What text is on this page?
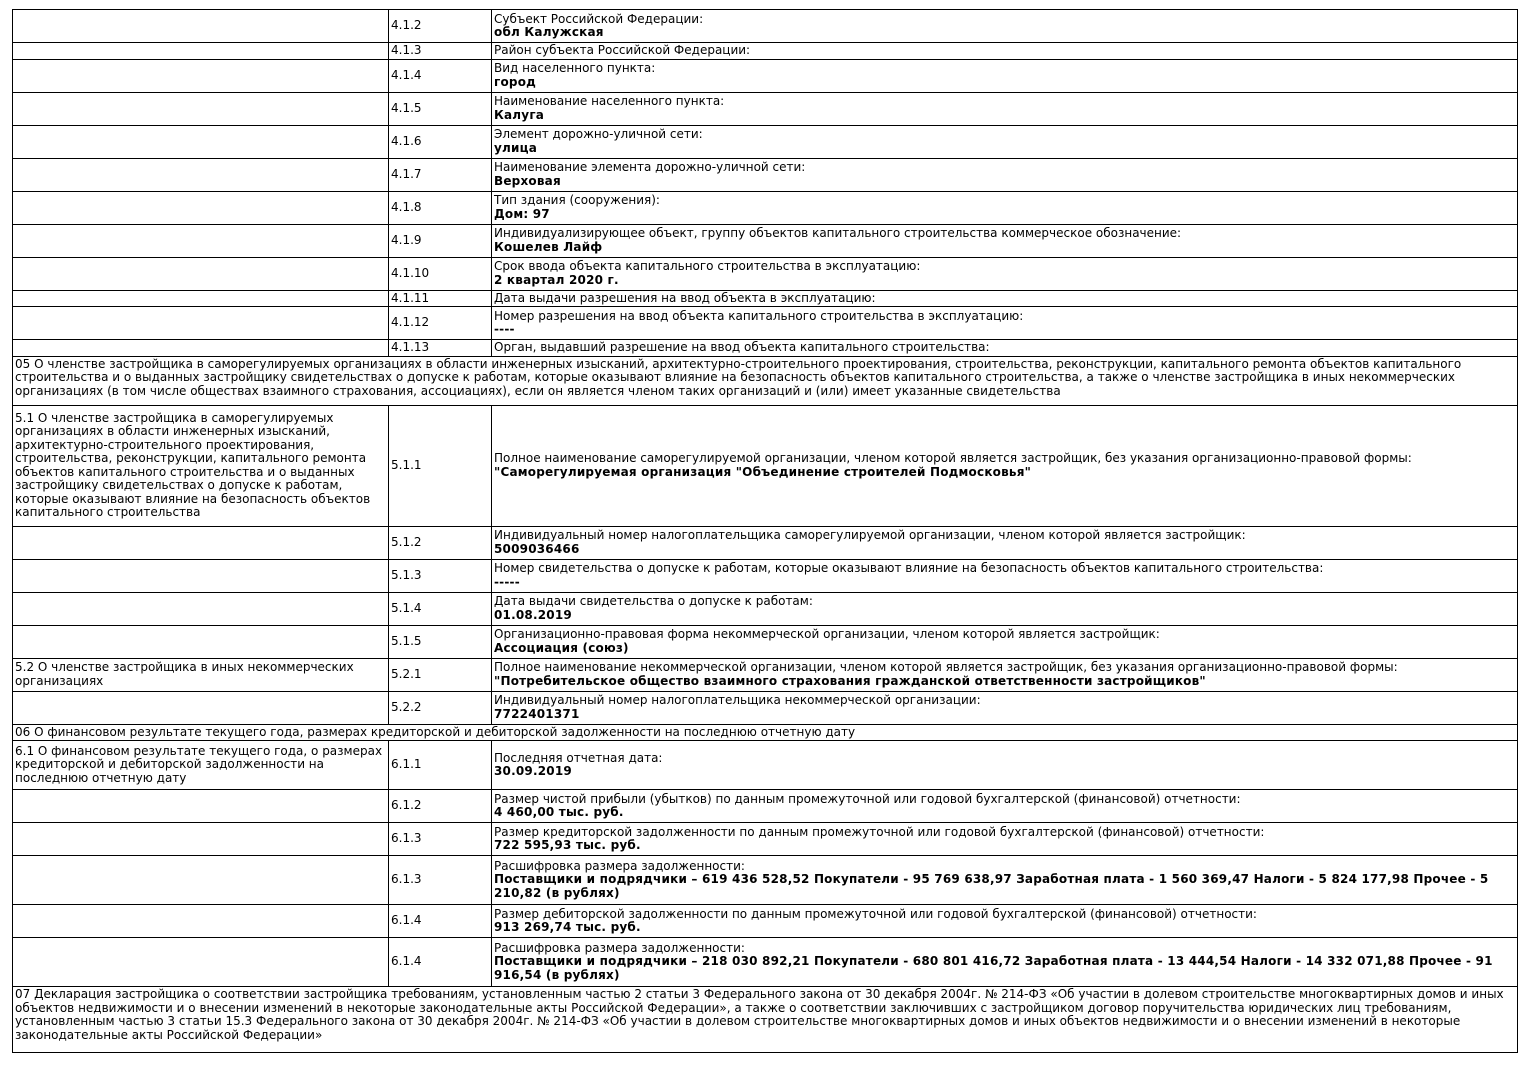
	4.1.2	Субъект Российской Федерации:
обл Калужская

	4.1.3	Район субъекта Российской Федерации:

	4.1.4	Вид населенного пункта:
город

	4.1.5	Наименование населенного пункта:
Калуга

	4.1.6	Элемент дорожно-уличной сети:
улица

	4.1.7	Наименование элемента дорожно-уличной сети:
Верховая

	4.1.8	Тип здания (сооружения):
Дом: 97

	4.1.9	Индивидуализирующее объект, группу объектов капитального строительства коммерческое обозначение:
Кошелев Лайф

	4.1.10	Срок ввода объекта капитального строительства в эксплуатацию:
2 квартал 2020 г.

	4.1.11	Дата выдачи разрешения на ввод объекта в эксплуатацию:

	4.1.12	Номер разрешения на ввод объекта капитального строительства в эксплуатацию:
----

	4.1.13	Орган, выдавший разрешение на ввод объекта капитального строительства:

05 О членстве застройщика в саморегулируемых организациях в области инженерных изысканий, архитектурно-строительного проектирования, строительства, реконструкции, капитального ремонта объектов капитального строительства и о выданных застройщику свидетельствах о допуске к работам, которые оказывают влияние на безопасность объектов капитального строительства, а также о членстве застройщика в иных некоммерческих организациях (в том числе обществах взаимного страхования, ассоциациях), если он является членом таких организаций и (или) имеет указанные свидетельства		
5.1 О членстве застройщика в саморегулируемых организациях в области инженерных изысканий, архитектурно-строительного проектирования, строительства, реконструкции, капитального ремонта объектов капитального строительства и о выданных застройщику свидетельствах о допуске к работам, которые оказывают влияние на безопасность объектов капитального строительства	5.1.1	Полное наименование саморегулируемой организации, членом которой является застройщик, без указания организационно-правовой формы:
"Саморегулируемая организация "Объединение строителей Подмосковья"

	5.1.2	Индивидуальный номер налогоплательщика саморегулируемой организации, членом которой является застройщик:
5009036466

	5.1.3	Номер свидетельства о допуске к работам, которые оказывают влияние на безопасность объектов капитального строительства:
-----

	5.1.4	Дата выдачи свидетельства о допуске к работам:
01.08.2019

	5.1.5	Организационно-правовая форма некоммерческой организации, членом которой является застройщик:
Ассоциация (союз)

5.2 О членстве застройщика в иных некоммерческих организациях	5.2.1	Полное наименование некоммерческой организации, членом которой является застройщик, без указания организационно-правовой формы:
"Потребительское общество взаимного страхования гражданской ответственности застройщиков"

	5.2.2	Индивидуальный номер налогоплательщика некоммерческой организации:
7722401371

06 О финансовом результате текущего года, размерах кредиторской и дебиторской задолженности на последнюю отчетную дату		
6.1 О финансовом результате текущего года, о размерах кредиторской и дебиторской задолженности на последнюю отчетную дату	6.1.1	Последняя отчетная дата:
30.09.2019

	6.1.2	Размер чистой прибыли (убытков) по данным промежуточной или годовой бухгалтерской (финансовой) отчетности:
4 460,00 тыс. руб.

	6.1.3	Размер кредиторской задолженности по данным промежуточной или годовой бухгалтерской (финансовой) отчетности:
722 595,93 тыс. руб.

	6.1.3	Расшифровка размера задолженности:
Поставщики и подрядчики – 619 436 528,52 Покупатели - 95 769 638,97 Заработная плата - 1 560 369,47 Налоги - 5 824 177,98 Прочее - 5 210,82 (в рублях)

	6.1.4	Размер дебиторской задолженности по данным промежуточной или годовой бухгалтерской (финансовой) отчетности:
913 269,74 тыс. руб.

	6.1.4	Расшифровка размера задолженности:
Поставщики и подрядчики – 218 030 892,21 Покупатели - 680 801 416,72 Заработная плата - 13 444,54 Налоги - 14 332 071,88 Прочее - 91 916,54 (в рублях)

07 Декларация застройщика о соответствии застройщика требованиям, установленным частью 2 статьи 3 Федерального закона от 30 декабря 2004г. № 214-ФЗ «Об участии в долевом строительстве многоквартирных домов и иных объектов недвижимости и о внесении изменений в некоторые законодательные акты Российской Федерации», а также о соответствии заключивших с застройщиком договор поручительства юридических лиц требованиям, установленным частью 3 статьи 15.3 Федерального закона от 30 декабря 2004г. № 214-ФЗ «Об участии в долевом строительстве многоквартирных домов и иных объектов недвижимости и о внесении изменений в некоторые законодательные акты Российской Федерации»		
